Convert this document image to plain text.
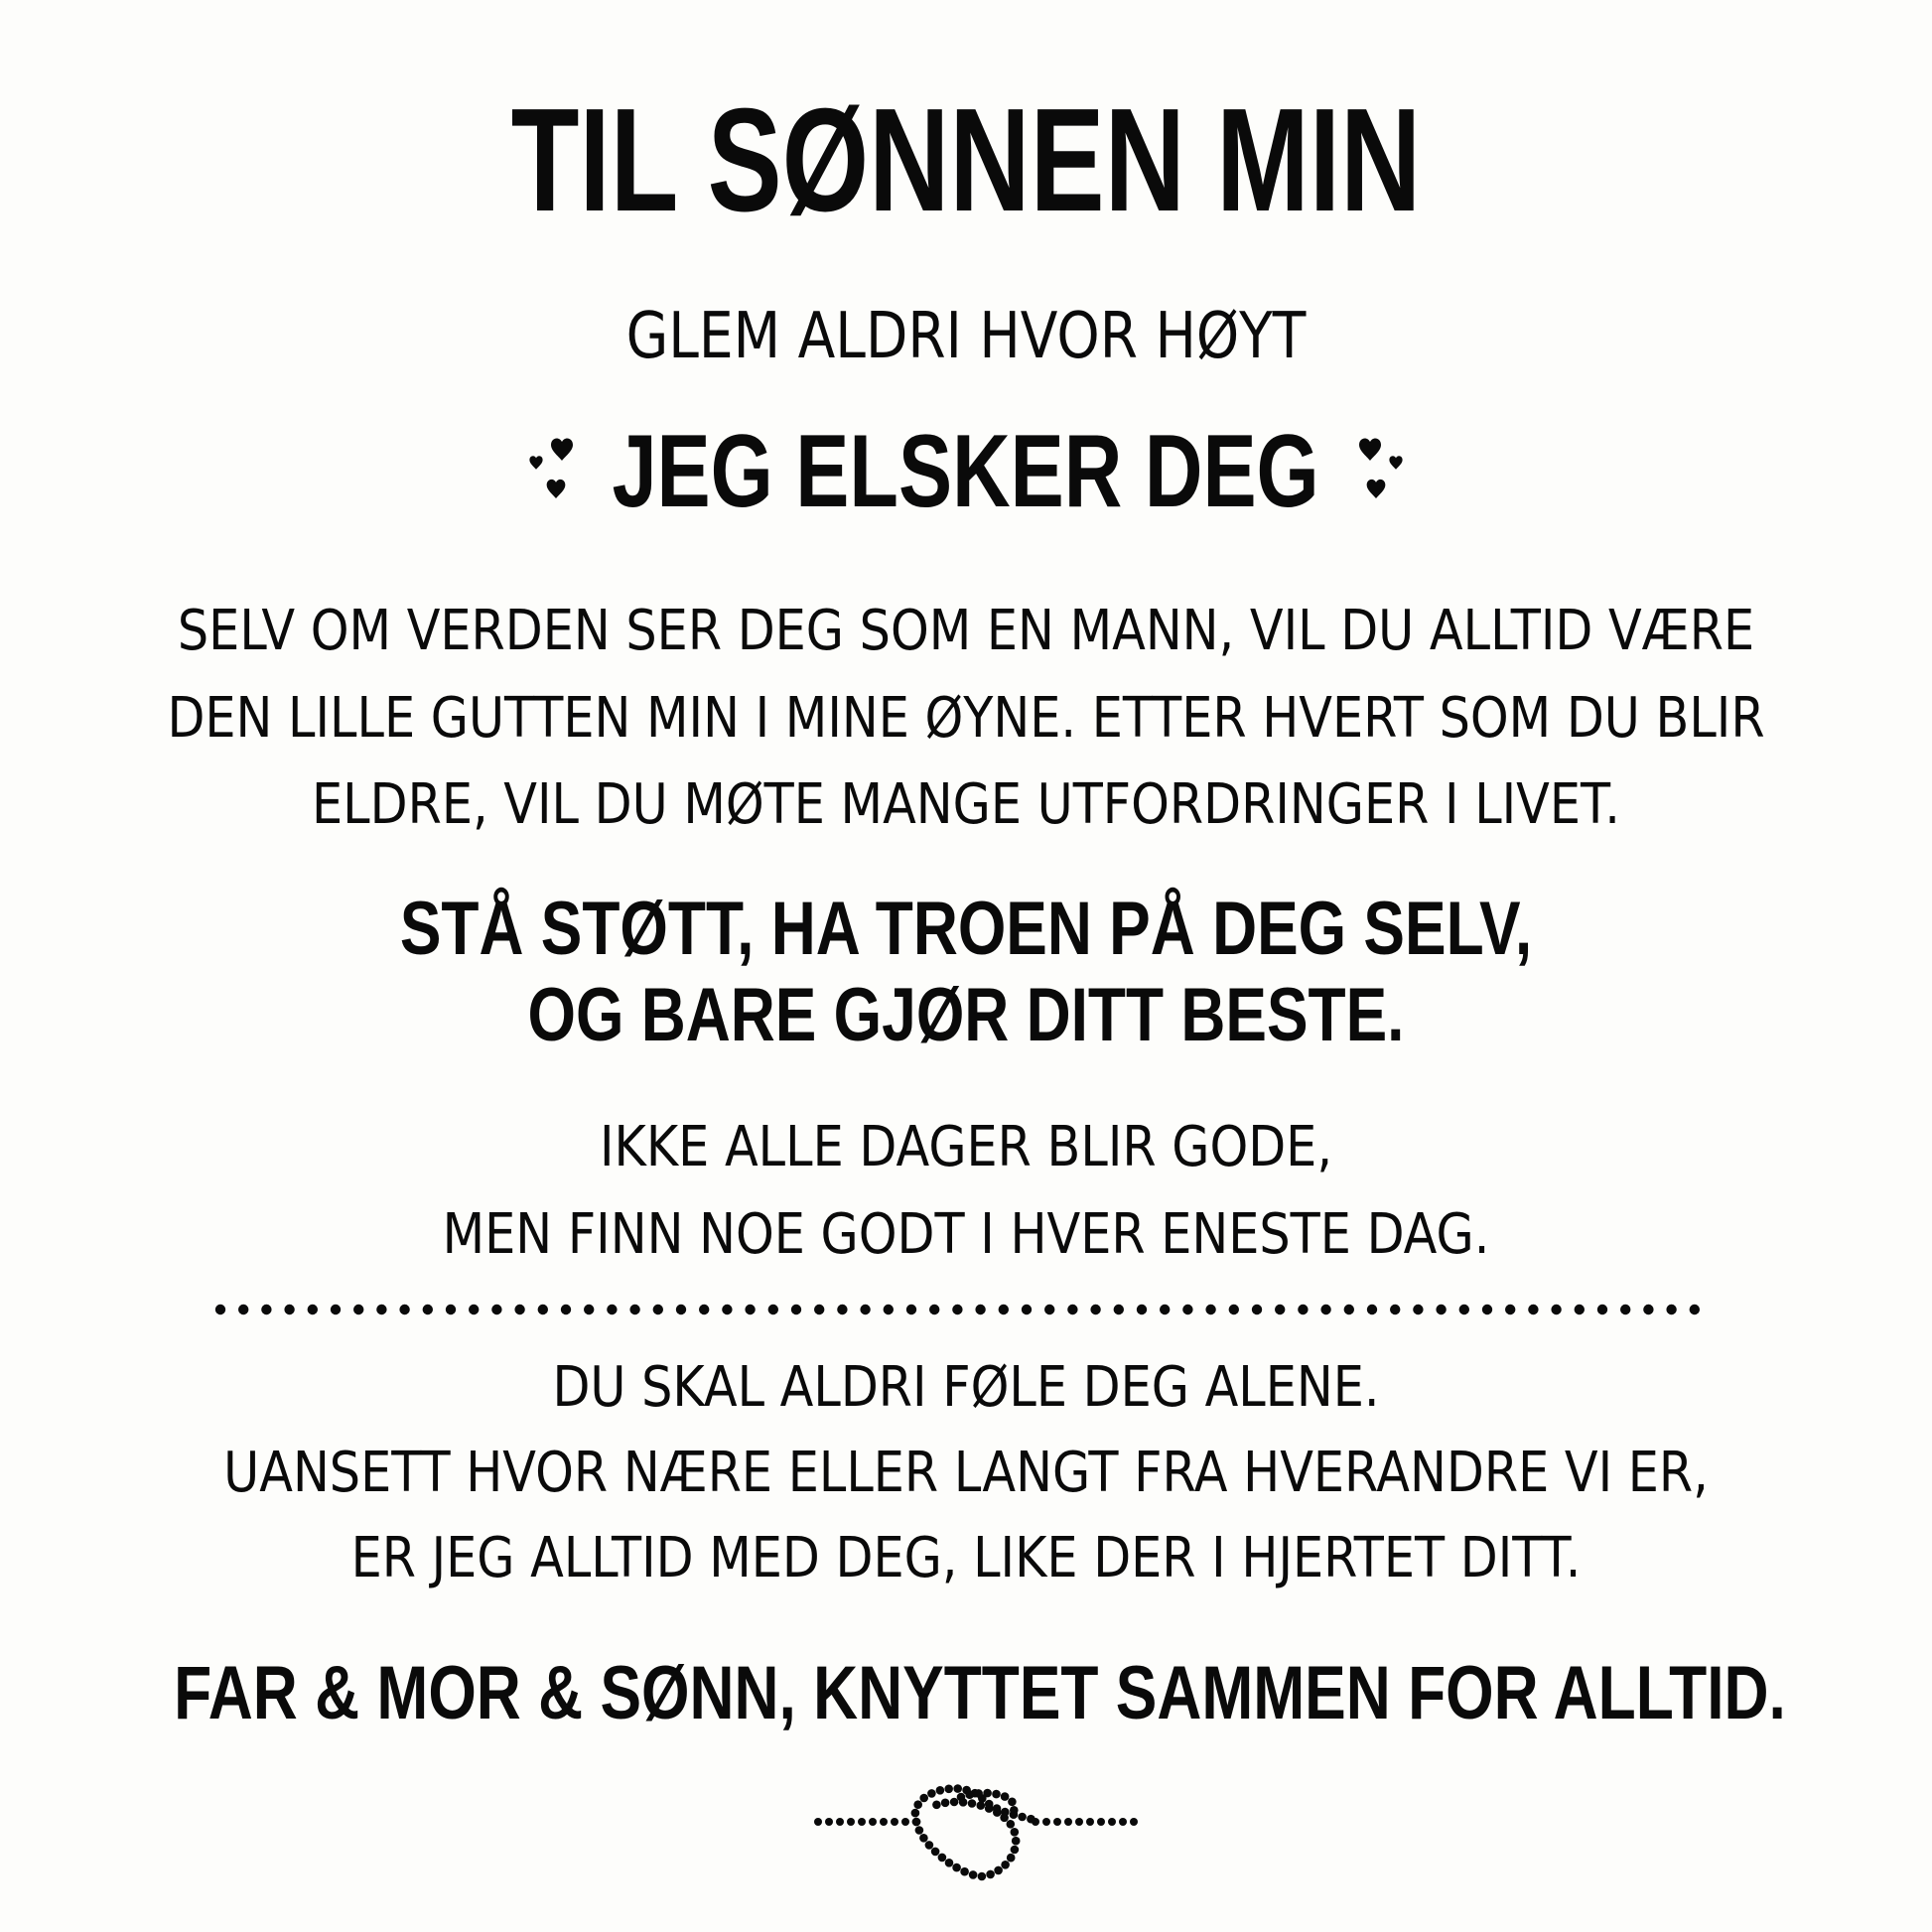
TIL SØNNEN MIN
GLEM ALDRI HVOR HØYT
JEG ELSKER DEG
SELV OM VERDEN SER DEG SOM EN MANN, VIL DU ALLTID VÆRE
DEN LILLE GUTTEN MIN I MINE ØYNE. ETTER HVERT SOM DU BLIR
ELDRE, VIL DU MØTE MANGE UTFORDRINGER I LIVET.
STÅ STØTT, HA TROEN PÅ DEG SELV,
OG BARE GJØR DITT BESTE.
IKKE ALLE DAGER BLIR GODE,
MEN FINN NOE GODT I HVER ENESTE DAG.
DU SKAL ALDRI FØLE DEG ALENE.
UANSETT HVOR NÆRE ELLER LANGT FRA HVERANDRE VI ER,
ER JEG ALLTID MED DEG, LIKE DER I HJERTET DITT.
FAR & MOR & SØNN, KNYTTET SAMMEN FOR ALLTID.
